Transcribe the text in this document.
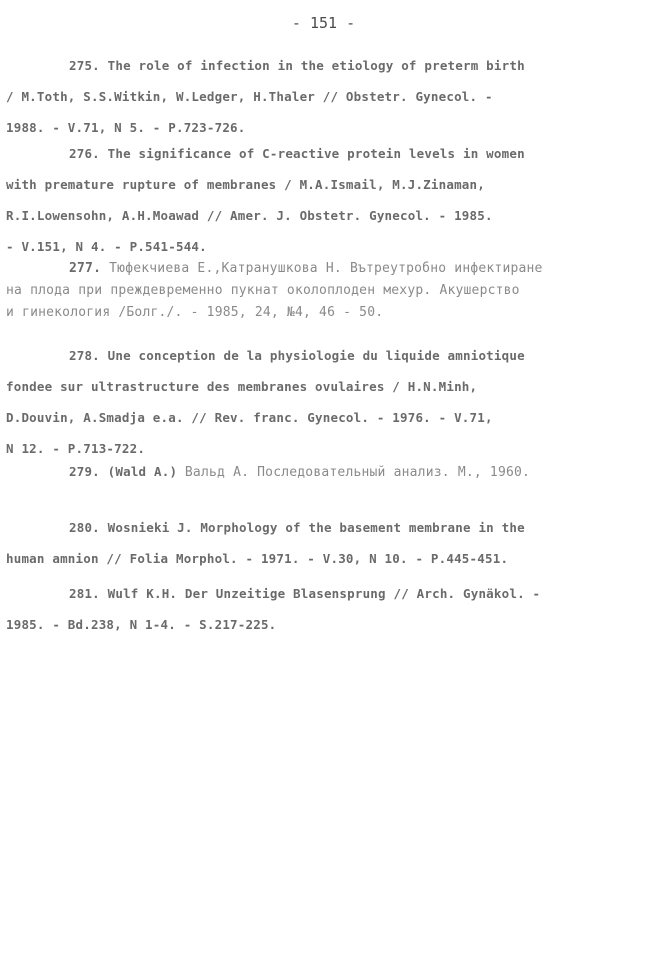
- 151 -

275. The role of infection in the etiology of preterm birth

/ M.Toth, S.S.Witkin, W.Ledger, H.Thaler // Obstetr. Gynecol. -

1988. - V.71, N 5. - P.723-726.

276. The significance of C-reactive protein levels in women

with premature rupture of membranes / M.A.Ismail, M.J.Zinaman,

R.I.Lowensohn, A.H.Moawad // Amer. J. Obstetr. Gynecol. - 1985.

- V.151, N 4. - P.541-544.

277. Тюфекчиева Е.,Катранушкова Н. Вътреутробно инфектиране

на плода при преждевременно пукнат околоплоден мехур. Акушерство

и гинекология /Болг./. - 1985, 24, №4, 46 - 50.

278. Une conception de la physiologie du liquide amniotique

fondee sur ultrastructure des membranes ovulaires / H.N.Minh,

D.Douvin, A.Smadja e.a. // Rev. franc. Gynecol. - 1976. - V.71,

N 12. - P.713-722.

279. (Wald A.) Вальд А. Последовательный анализ. М., 1960.

280. Wosnieki J. Morphology of the basement membrane in the

human amnion // Folia Morphol. - 1971. - V.30, N 10. - P.445-451.

281. Wulf K.H. Der Unzeitige Blasensprung // Arch. Gynäkol. -

1985. - Bd.238, N 1-4. - S.217-225.
